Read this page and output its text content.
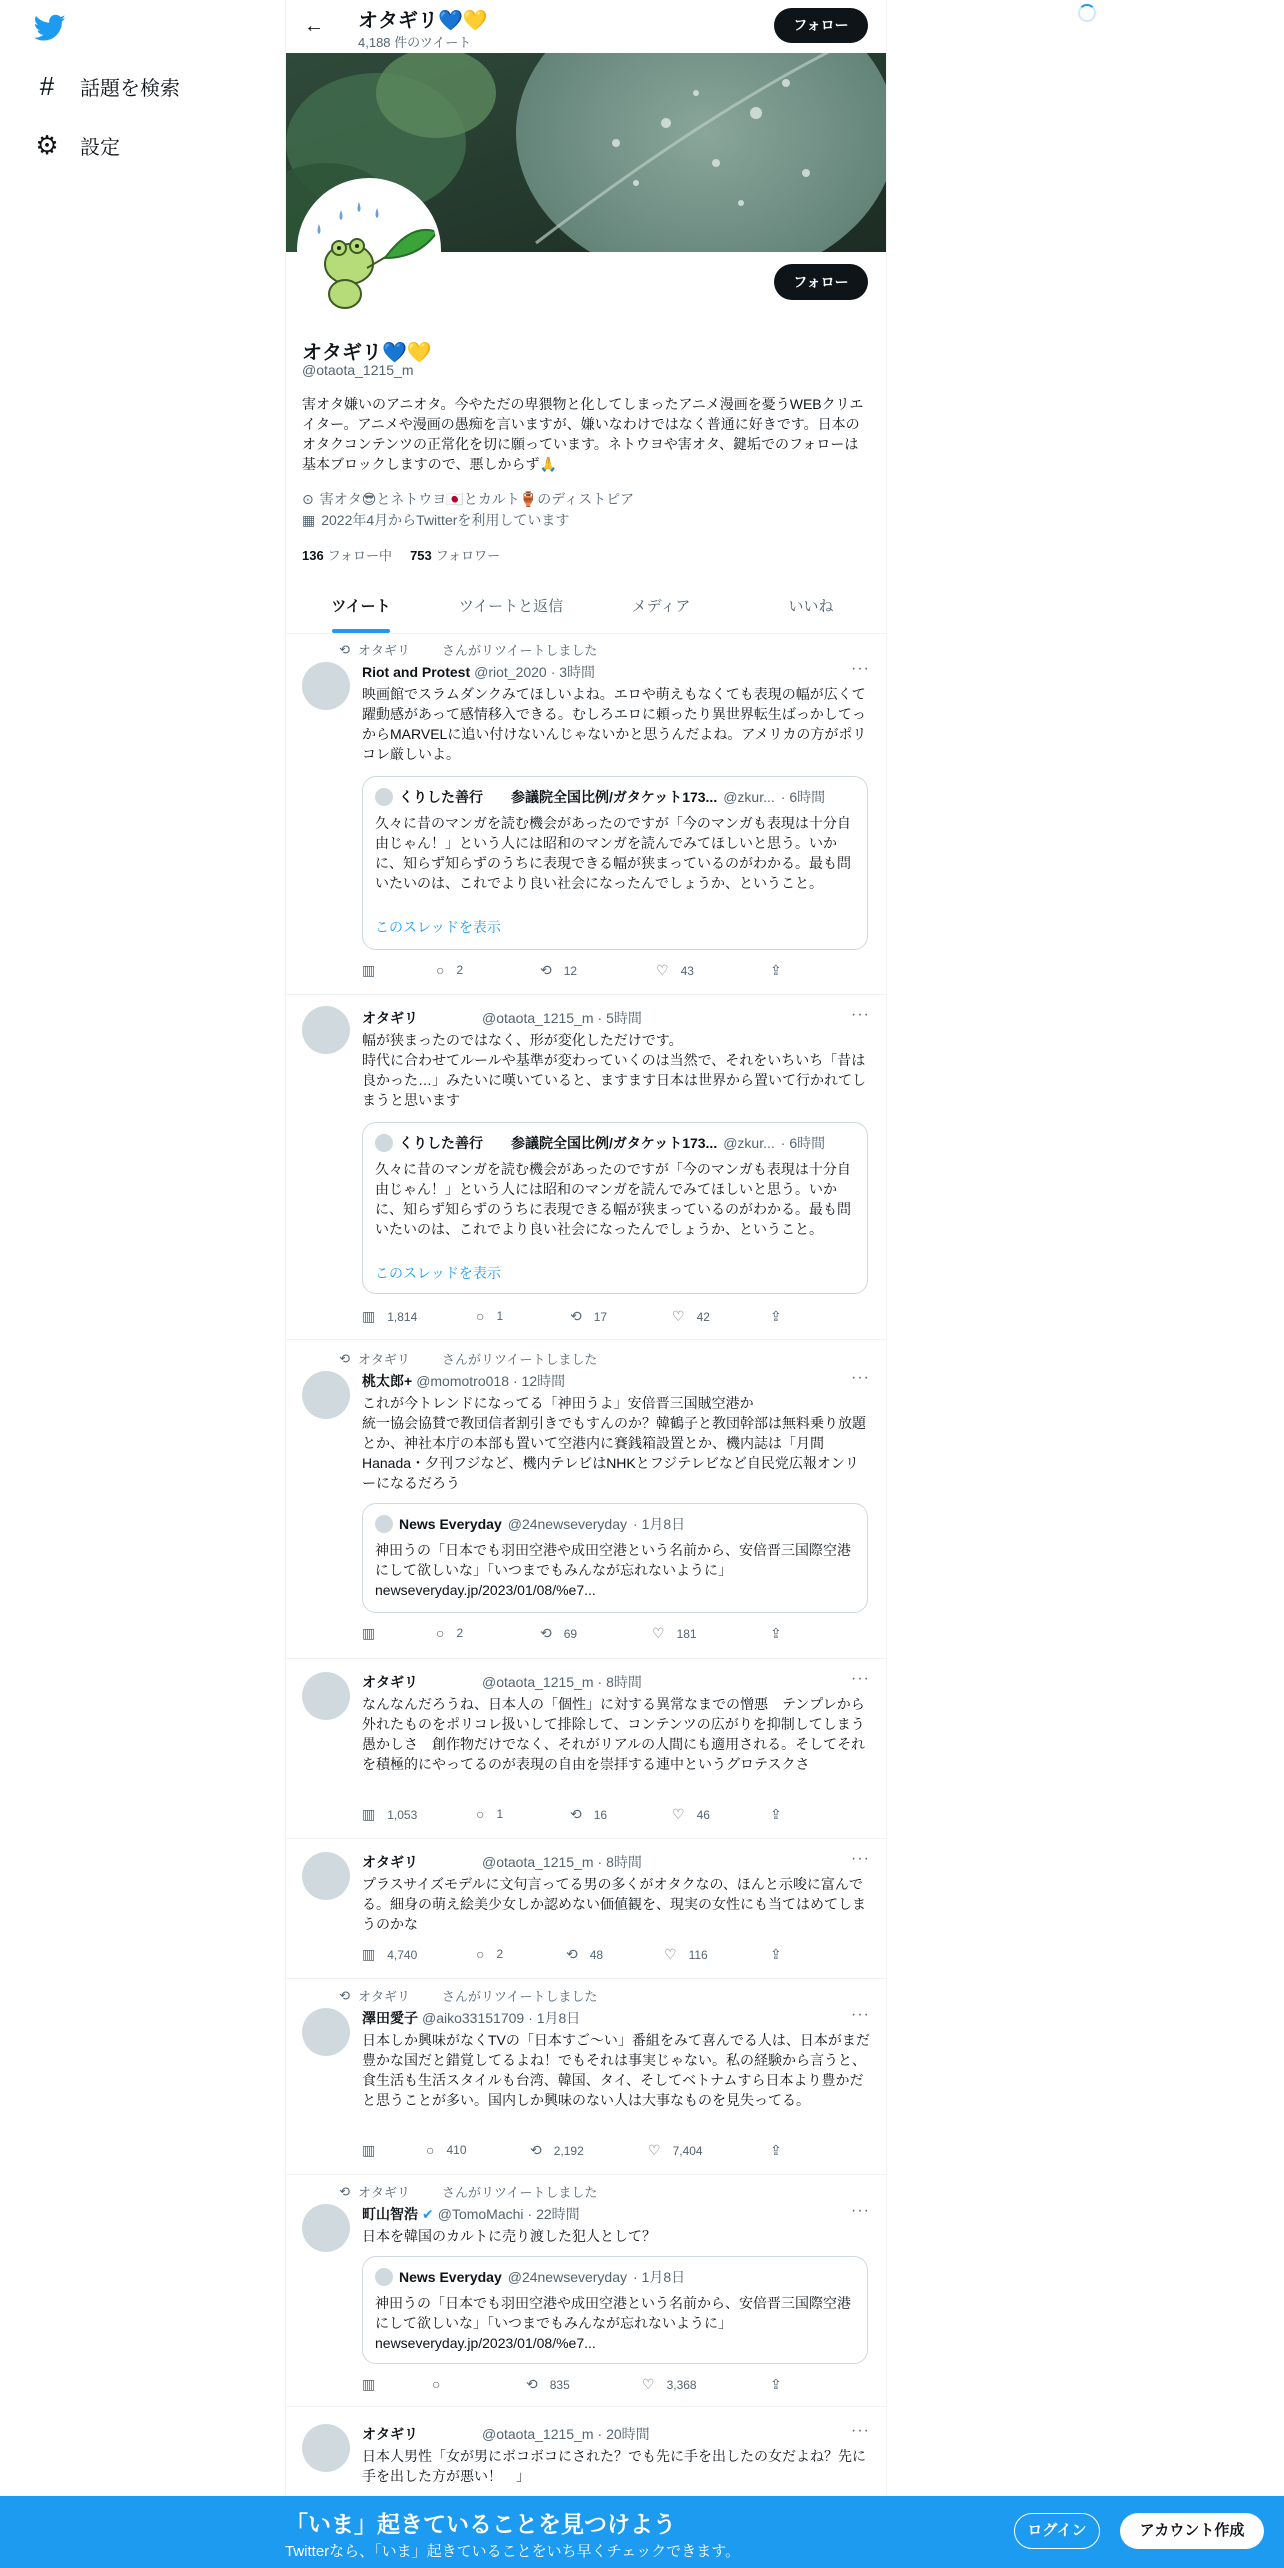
# 話題を検索
⚙ 設定
←	オタギリ💙💛
4,188 件のツイート
フォロー
フォロー
オタギリ💙💛
@otaota_1215_m
害オタ嫌いのアニオタ。今やただの卑猥物と化してしまったアニメ漫画を憂うWEBクリエイター。アニメや漫画の愚痴を言いますが、嫌いなわけではなく普通に好きです。日本のオタクコンテンツの正常化を切に願っています。ネトウヨや害オタ、鍵垢でのフォローは基本ブロックしますので、悪しからず🙏
⊙ 害オタ😎とネトウヨ🇯🇵とカルト🏺のディストピア
▦ 2022年4月からTwitterを利用しています
136 フォロー中 753 フォロワー
ツイート	ツイートと返信	メディア	いいね
⟲ オタギリ さんがリツイートしました
Riot and Protest @riot_2020 · 3時間	···
映画館でスラムダンクみてほしいよね。エロや萌えもなくても表現の幅が広くて躍動感があって感情移入できる。むしろエロに頼ったり異世界転生ばっかしてっからMARVELに追い付けないんじゃないかと思うんだよね。アメリカの方がポリコレ厳しいよ。
くりした善行　　参議院全国比例/ガタケット173... @zkur... · 6時間
久々に昔のマンガを読む機会があったのですが「今のマンガも表現は十分自由じゃん！」という人には昭和のマンガを読んでみてほしいと思う。いかに、知らず知らずのうちに表現できる幅が狭まっているのがわかる。最も問いたいのは、これでより良い社会になったんでしょうか、ということ。
このスレッドを表示
▥	○ 2	⟲ 12	♡ 43	⇪
オタギリ	@otaota_1215_m · 5時間	···
幅が狭まったのではなく、形が変化しただけです。
時代に合わせてルールや基準が変わっていくのは当然で、それをいちいち「昔は良かった…」みたいに嘆いていると、ますます日本は世界から置いて行かれてしまうと思います
くりした善行　　参議院全国比例/ガタケット173... @zkur... · 6時間
久々に昔のマンガを読む機会があったのですが「今のマンガも表現は十分自由じゃん！」という人には昭和のマンガを読んでみてほしいと思う。いかに、知らず知らずのうちに表現できる幅が狭まっているのがわかる。最も問いたいのは、これでより良い社会になったんでしょうか、ということ。
このスレッドを表示
▥ 1,814	○ 1	⟲ 17	♡ 42	⇪
⟲ オタギリ さんがリツイートしました
桃太郎+ @momotro018 · 12時間	···
これが今トレンドになってる「神田うよ」安倍晋三国賊空港か
統一協会協賛で教団信者割引きでもすんのか？韓鶴子と教団幹部は無料乗り放題とか、神社本庁の本部も置いて空港内に賽銭箱設置とか、機内誌は「月間Hanada・夕刊フジなど、機内テレビはNHKとフジテレビなど自民党広報オンリーになるだろう
News Everyday @24newseveryday · 1月8日
神田うの「日本でも羽田空港や成田空港という名前から、安倍晋三国際空港にして欲しいな」「いつまでもみんなが忘れないように」newseveryday.jp/2023/01/08/%e7...
▥	○ 2	⟲ 69	♡ 181	⇪
オタギリ	@otaota_1215_m · 8時間	···
なんなんだろうね、日本人の「個性」に対する異常なまでの憎悪　テンプレから外れたものをポリコレ扱いして排除して、コンテンツの広がりを抑制してしまう愚かしさ　創作物だけでなく、それがリアルの人間にも適用される。そしてそれを積極的にやってるのが表現の自由を崇拝する連中というグロテスクさ
▥ 1,053	○ 1	⟲ 16	♡ 46	⇪
オタギリ	@otaota_1215_m · 8時間	···
プラスサイズモデルに文句言ってる男の多くがオタクなの、ほんと示唆に富んでる。細身の萌え絵美少女しか認めない価値観を、現実の女性にも当てはめてしまうのかな
▥ 4,740	○ 2	⟲ 48	♡ 116	⇪
⟲ オタギリ さんがリツイートしました
澤田愛子 @aiko33151709 · 1月8日	···
日本しか興味がなくTVの「日本すご〜い」番組をみて喜んでる人は、日本がまだ豊かな国だと錯覚してるよね！でもそれは事実じゃない。私の経験から言うと、食生活も生活スタイルも台湾、韓国、タイ、そしてベトナムすら日本より豊かだと思うことが多い。国内しか興味のない人は大事なものを見失ってる。
▥	○ 410	⟲ 2,192	♡ 7,404	⇪
⟲ オタギリ さんがリツイートしました
町山智浩 ✔ @TomoMachi · 22時間	···
日本を韓国のカルトに売り渡した犯人として？
News Everyday @24newseveryday · 1月8日
神田うの「日本でも羽田空港や成田空港という名前から、安倍晋三国際空港にして欲しいな」「いつまでもみんなが忘れないように」newseveryday.jp/2023/01/08/%e7...
▥	○	⟲ 835	♡ 3,368	⇪
オタギリ	@otaota_1215_m · 20時間	···
日本人男性「女が男にボコボコにされた？でも先に手を出したの女だよね？先に手を出した方が悪い！　」
「いま」起きていることを見つけよう
Twitterなら、「いま」起きていることをいち早くチェックできます。
ログイン	アカウント作成
